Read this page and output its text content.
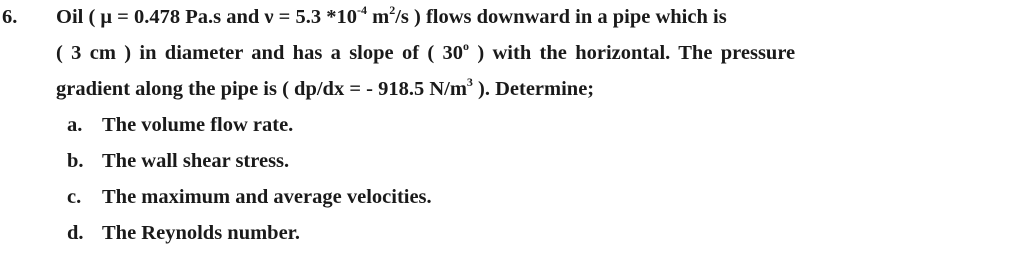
6. Oil ( μ = 0.478 Pa.s and ν = 5.3 $*10^{-4}$ $m^2/s$ ) flows downward in a pipe which is
( 3 cm ) in diameter and has a slope of ( 30$^o$ ) with the horizontal. The pressure
gradient along the pipe is ( dp/dx = - 918.5 $N/m^3$ ). Determine;
a. The volume flow rate.
b. The wall shear stress.
c. The maximum and average velocities.
d. The Reynolds number.
